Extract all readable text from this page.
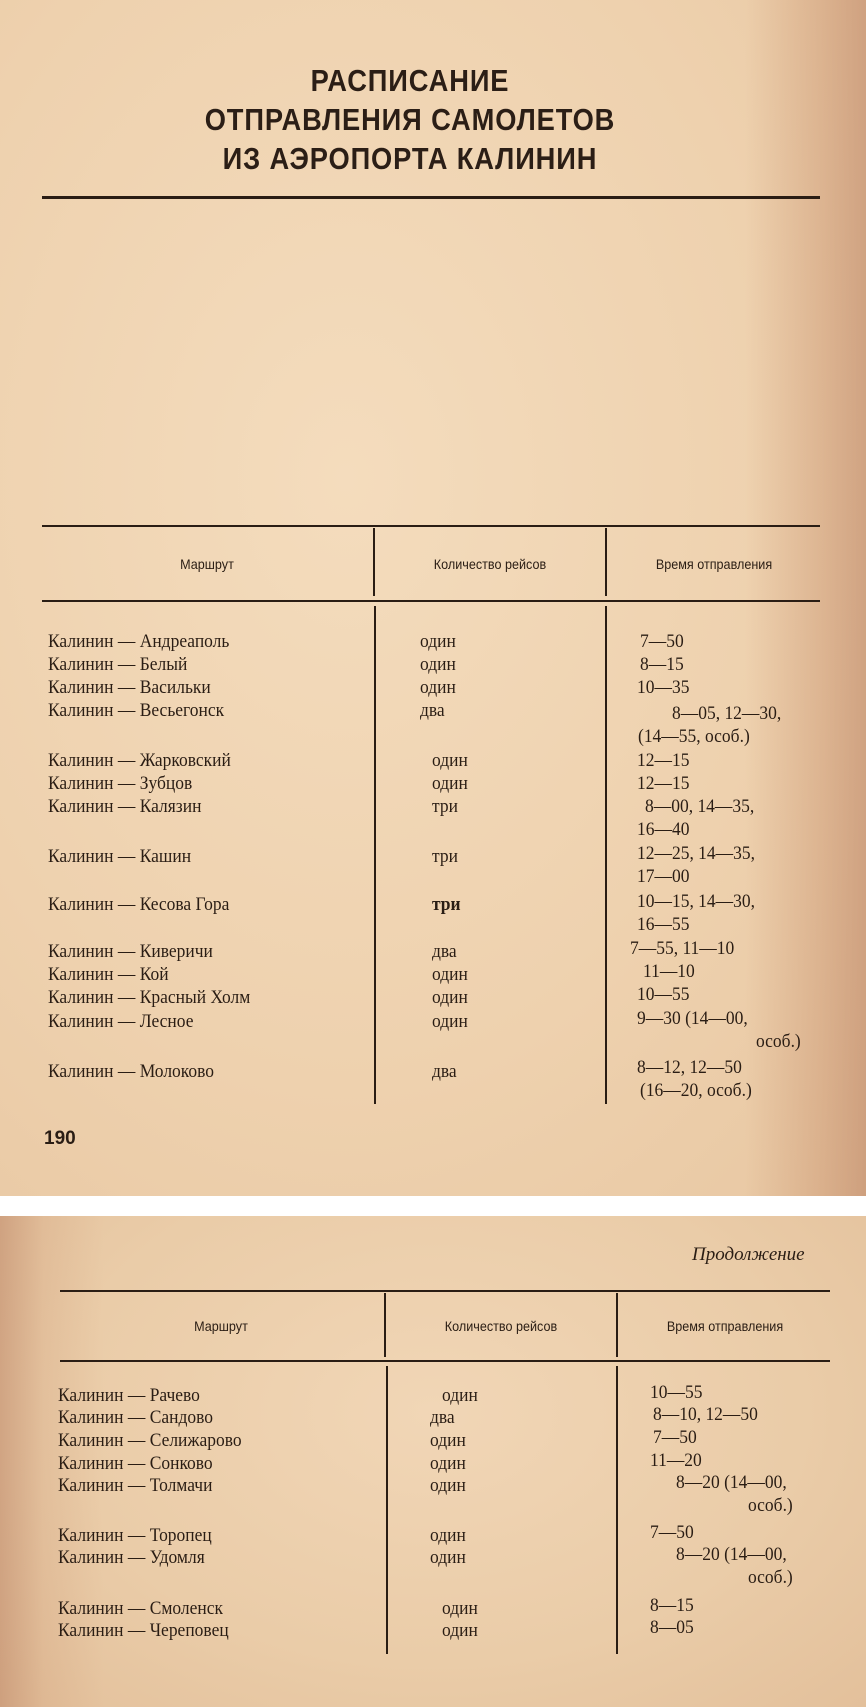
РАСПИСАНИЕ
ОТПРАВЛЕНИЯ САМОЛЕТОВ
ИЗ АЭРОПОРТА КАЛИНИН
Маршрут	Количество рейсов	Время отправления
Калинин — Андреаполь	один	7—50
Калинин — Белый	один	8—15
Калинин — Васильки	один	10—35
Калинин — Весьегонск	два	8—05, 12—30,
(14—55, особ.)
Калинин — Жарковский	один	12—15
Калинин — Зубцов	один	12—15
Калинин — Калязин	три	8—00, 14—35,
16—40
Калинин — Кашин	три	12—25, 14—35,
17—00
Калинин — Кесова Гора	три	10—15, 14—30,
16—55
Калинин — Киверичи	два	7—55, 11—10
Калинин — Кой	один	11—10
Калинин — Красный Холм	один	10—55
Калинин — Лесное	один	9—30 (14—00,
особ.)
Калинин — Молоково	два	8—12, 12—50
(16—20, особ.)
190
Продолжение
Маршрут	Количество рейсов	Время отправления
Калинин — Рачево	один	10—55
Калинин — Сандово	два	8—10, 12—50
Калинин — Селижарово	один	7—50
Калинин — Сонково	один	11—20
Калинин — Толмачи	один	8—20 (14—00,
особ.)
Калинин — Торопец	один	7—50
Калинин — Удомля	один	8—20 (14—00,
особ.)
Калинин — Смоленск	один	8—15
Калинин — Череповец	один	8—05
